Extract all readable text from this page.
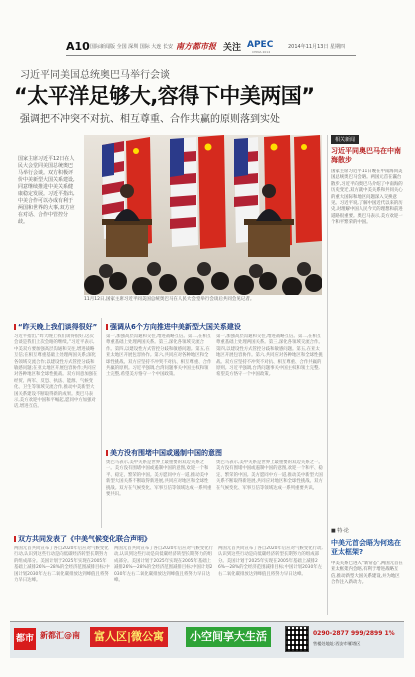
A10 国际新闻版 全国 深圳 国际 大连 长安 南方都市报 关注 APEC
CHINA 2014
2014年11月13日 星期四
习近平同美国总统奥巴马举行会谈
“太平洋足够大,容得下中美两国”
强调把不冲突不对抗、相互尊重、合作共赢的原则落到实处
国家主席习近平12日在人民大会堂同美国总统奥巴马举行会谈。双方积极评价中美新型大国关系建设,同意继续推进中美关系健康稳定发展。习近平指出,中美合作可以办成有利于两国和世界的大事,双方应在对话、合作中管控分歧。
11月12日,国家主席习近平同美国总统奥巴马在人民大会堂举行会谈后共同会见记者。
“昨天晚上我们谈得很好”
习近平指出,“昨天晚上我们谈得很好,这次会谈是我们上次会晤的继续。”习近平表示,中美双方要加强高层沟通和交往,增进战略互信;在相互尊重基础上处理两国关系;深化各领域交流合作;以建设性方式管控分歧和敏感问题;在亚太地区开展包容协作;共同应对各种地区和全球性挑战。双方同意加强在经贸、两军、反恐、执法、能源、气候变化、卫生等领域交流合作,推动中美新型大国关系建设不断取得新的成果。奥巴马表示,美方欢迎中国和平崛起,愿同中方加强对话,增进互信。
强调从6个方向推进中美新型大国关系建设
第一,加强高层沟通和交往,增进战略互信。第二,在相互尊重基础上处理两国关系。第三,深化各领域交流合作。第四,以建设性方式管控分歧和敏感问题。第五,在亚太地区开展包容协作。第六,共同应对各种地区和全球性挑战。双方应坚持不冲突不对抗、相互尊重、合作共赢的原则。习近平强调,台湾问题事关中国主权和领土完整,希望美方恪守一个中国政策。
第一,加强高层沟通和交往,增进战略互信。第二,在相互尊重基础上处理两国关系。第三,深化各领域交流合作。第四,以建设性方式管控分歧和敏感问题。第五,在亚太地区开展包容协作。第六,共同应对各种地区和全球性挑战。双方应坚持不冲突不对抗、相互尊重、合作共赢的原则。习近平强调,台湾问题事关中国主权和领土完整,希望美方恪守一个中国政策。
美方没有围堵中国或遏制中国的意图
奥巴马表示,美中关系是世界上最重要的双边关系之一。美方没有围堵中国或遏制中国的意图,欢迎一个和平、稳定、繁荣的中国。美方愿同中方一道,推动美中新型大国关系不断取得新进展,共同应对地区和全球性挑战。双方在气候变化、军事互信等领域达成一系列重要共识。
奥巴马表示,美中关系是世界上最重要的双边关系之一。美方没有围堵中国或遏制中国的意图,欢迎一个和平、稳定、繁荣的中国。美方愿同中方一道,推动美中新型大国关系不断取得新进展,共同应对地区和全球性挑战。双方在气候变化、军事互信等领域达成一系列重要共识。
双方共同发表了《中美气候变化联合声明》
两国元首共同宣布了各自2020年后应对气候变化行动,认识到这些行动是向低碳经济转型长期努力的组成部分。美国计划于2025年实现在2005年基础上减排26%—28%的全经济范围减排目标;中国计划2030年左右二氧化碳排放达到峰值且将努力早日达峰。
两国元首共同宣布了各自2020年后应对气候变化行动,认识到这些行动是向低碳经济转型长期努力的组成部分。美国计划于2025年实现在2005年基础上减排26%—28%的全经济范围减排目标;中国计划2030年左右二氧化碳排放达到峰值且将努力早日达峰。
两国元首共同宣布了各自2020年后应对气候变化行动,认识到这些行动是向低碳经济转型长期努力的组成部分。美国计划于2025年实现在2005年基础上减排26%—28%的全经济范围减排目标;中国计划2030年左右二氧化碳排放达到峰值且将努力早日达峰。
相关新闻
习近平同奥巴马在中南海散步
国家主席习近平11日晚在中南海同美国总统奥巴马会晤。两国元首在瀛台散步,习近平向奥巴马介绍了中南海的历史变迁,双方就中美关系和共同关心的重大国际和地区问题深入交换意见。习近平说,了解中国近代以来的历史,对理解中国人民今天的理想和前进道路很重要。奥巴马表示,美方欢迎一个和平繁荣的中国。
■ 特·论
中美元首会晤为何选在亚太框架?
中美关系已进入“新常态”,两国元首在亚太框架内会晤,有利于增进战略互信,推动新型大国关系建设,并为地区合作注入新动力。
都市 新都汇@南	富人区|微公寓	小空间享大生活	0290-2877 999/2899 1%
售楼处地址:西安市雁塔区
